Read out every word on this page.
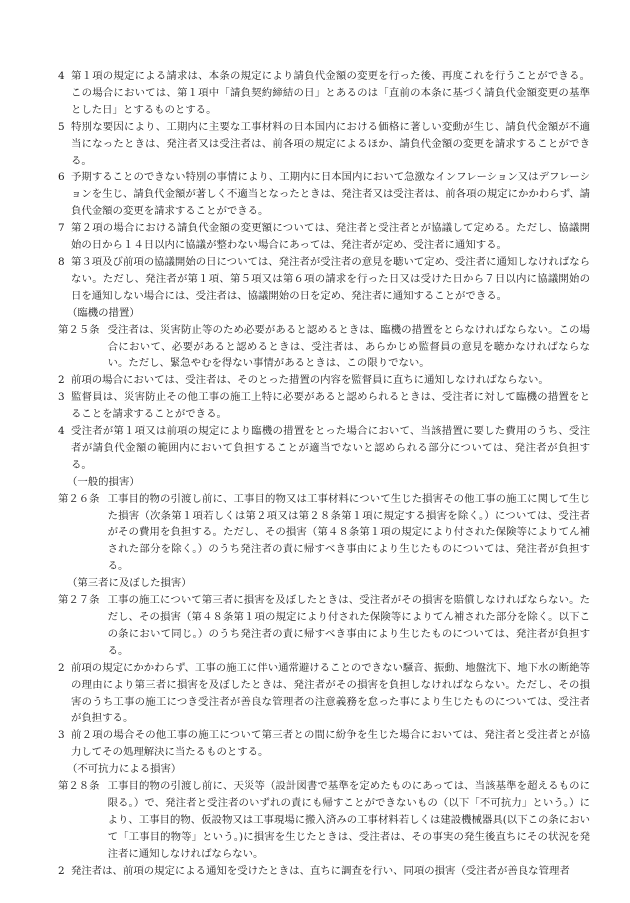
4 第１項の規定による請求は、本条の規定により請負代金額の変更を行った後、再度これを行うことができる。この場合においては、第１項中「請負契約締結の日」とあるのは「直前の本条に基づく請負代金額変更の基準とした日」とするものとする。
5 特別な要因により、工期内に主要な工事材料の日本国内における価格に著しい変動が生じ、請負代金額が不適当になったときは、発注者又は受注者は、前各項の規定によるほか、請負代金額の変更を請求することができる。
6 予期することのできない特別の事情により、工期内に日本国内において急激なインフレーション又はデフレーションを生じ、請負代金額が著しく不適当となったときは、発注者又は受注者は、前各項の規定にかかわらず、請負代金額の変更を請求することができる。
7 第２項の場合における請負代金額の変更額については、発注者と受注者とが協議して定める。ただし、協議開始の日から１４日以内に協議が整わない場合にあっては、発注者が定め、受注者に通知する。
8 第３項及び前項の協議開始の日については、発注者が受注者の意見を聴いて定め、受注者に通知しなければならない。ただし、発注者が第１項、第５項又は第６項の請求を行った日又は受けた日から７日以内に協議開始の日を通知しない場合には、受注者は、協議開始の日を定め、発注者に通知することができる。

（臨機の措置）

第２５条 受注者は、災害防止等のため必要があると認めるときは、臨機の措置をとらなければならない。この場合において、必要があると認めるときは、受注者は、あらかじめ監督員の意見を聴かなければならない。ただし、緊急やむを得ない事情があるときは、この限りでない。
2 前項の場合においては、受注者は、そのとった措置の内容を監督員に直ちに通知しなければならない。
3 監督員は、災害防止その他工事の施工上特に必要があると認められるときは、受注者に対して臨機の措置をとることを請求することができる。
4 受注者が第１項又は前項の規定により臨機の措置をとった場合において、当該措置に要した費用のうち、受注者が請負代金額の範囲内において負担することが適当でないと認められる部分については、発注者が負担する。

（一般的損害）

第２６条 工事目的物の引渡し前に、工事目的物又は工事材料について生じた損害その他工事の施工に関して生じた損害（次条第１項若しくは第２項又は第２８条第１項に規定する損害を除く。）については、受注者がその費用を負担する。ただし、その損害（第４８条第１項の規定により付された保険等によりてん補された部分を除く。）のうち発注者の責に帰すべき事由により生じたものについては、発注者が負担する。

（第三者に及ぼした損害）

第２７条 工事の施工について第三者に損害を及ぼしたときは、受注者がその損害を賠償しなければならない。ただし、その損害（第４８条第１項の規定により付された保険等によりてん補された部分を除く。以下この条において同じ。）のうち発注者の責に帰すべき事由により生じたものについては、発注者が負担する。
2 前項の規定にかかわらず、工事の施工に伴い通常避けることのできない騒音、振動、地盤沈下、地下水の断絶等の理由により第三者に損害を及ぼしたときは、発注者がその損害を負担しなければならない。ただし、その損害のうち工事の施工につき受注者が善良な管理者の注意義務を怠った事により生じたものについては、受注者が負担する。
3 前２項の場合その他工事の施工について第三者との間に紛争を生じた場合においては、発注者と受注者とが協力してその処理解決に当たるものとする。

（不可抗力による損害）

第２８条 工事目的物の引渡し前に、天災等（設計図書で基準を定めたものにあっては、当該基準を超えるものに限る。）で、発注者と受注者のいずれの責にも帰すことができないもの（以下「不可抗力」という。）により、工事目的物、仮設物又は工事現場に搬入済みの工事材料若しくは建設機械器具(以下この条において「工事目的物等」という。)に損害を生じたときは、受注者は、その事実の発生後直ちにその状況を発注者に通知しなければならない。
2 発注者は、前項の規定による通知を受けたときは、直ちに調査を行い、同項の損害（受注者が善良な管理者
